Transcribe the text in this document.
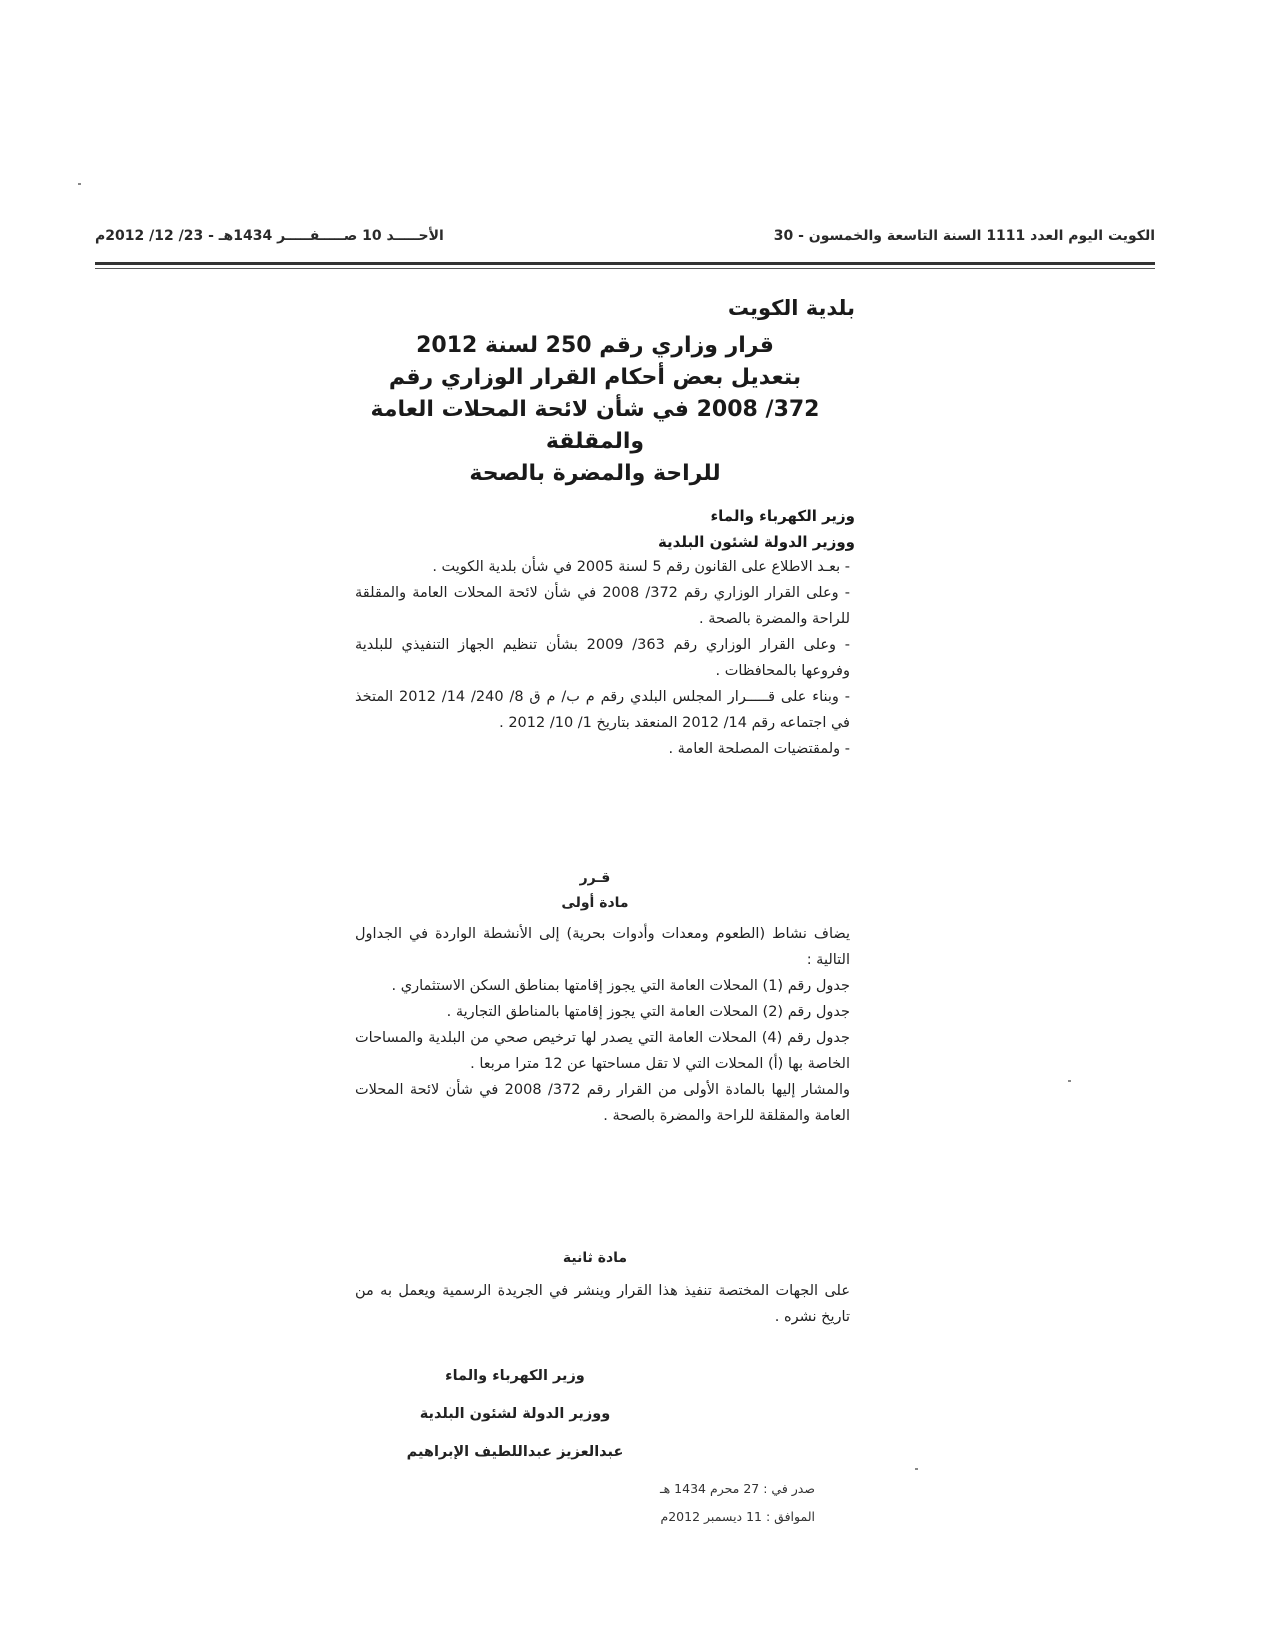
الكويت اليوم العدد 1111 السنة التاسعة والخمسون - 30
الأحـــــد 10 صـــــفـــــر 1434هـ - 23/ 12/ 2012م
بلدية الكويت
قرار وزاري رقم 250 لسنة 2012
بتعديل بعض أحكام القرار الوزاري رقم
372/ 2008 في شأن لائحة المحلات العامة والمقلقة
للراحة والمضرة بالصحة
وزير الكهرباء والماء
ووزير الدولة لشئون البلدية

- بعـد الاطلاع على القانون رقم 5 لسنة 2005 في شأن بلدية الكويت .

- وعلى القرار الوزاري رقم 372/ 2008 في شأن لائحة المحلات العامة والمقلقة للراحة والمضرة بالصحة .

- وعلى القرار الوزاري رقم 363/ 2009 بشأن تنظيم الجهاز التنفيذي للبلدية وفروعها بالمحافظات .

- وبناء على قـــــرار المجلس البلدي رقم م ب/ م ق 8/ 240/ 14/ 2012 المتخذ في اجتماعه رقم 14/ 2012 المنعقد بتاريخ 1/ 10/ 2012 .

- ولمقتضيات المصلحة العامة .

قـرر
مادة أولى

يضاف نشاط (الطعوم ومعدات وأدوات بحرية) إلى الأنشطة الواردة في الجداول التالية :

جدول رقم (1) المحلات العامة التي يجوز إقامتها بمناطق السكن الاستثماري .

جدول رقم (2) المحلات العامة التي يجوز إقامتها بالمناطق التجارية .

جدول رقم (4) المحلات العامة التي يصدر لها ترخيص صحي من البلدية والمساحات الخاصة بها (أ) المحلات التي لا تقل مساحتها عن 12 مترا مربعا .

والمشار إليها بالمادة الأولى من القرار رقم 372/ 2008 في شأن لائحة المحلات العامة والمقلقة للراحة والمضرة بالصحة .

مادة ثانية

على الجهات المختصة تنفيذ هذا القرار وينشر في الجريدة الرسمية ويعمل به من تاريخ نشره .

وزير الكهرباء والماء
ووزير الدولة لشئون البلدية
عبدالعزيز عبداللطيف الإبراهيم
صدر في : 27 محرم 1434 هـ
الموافق : 11 ديسمبر 2012م
